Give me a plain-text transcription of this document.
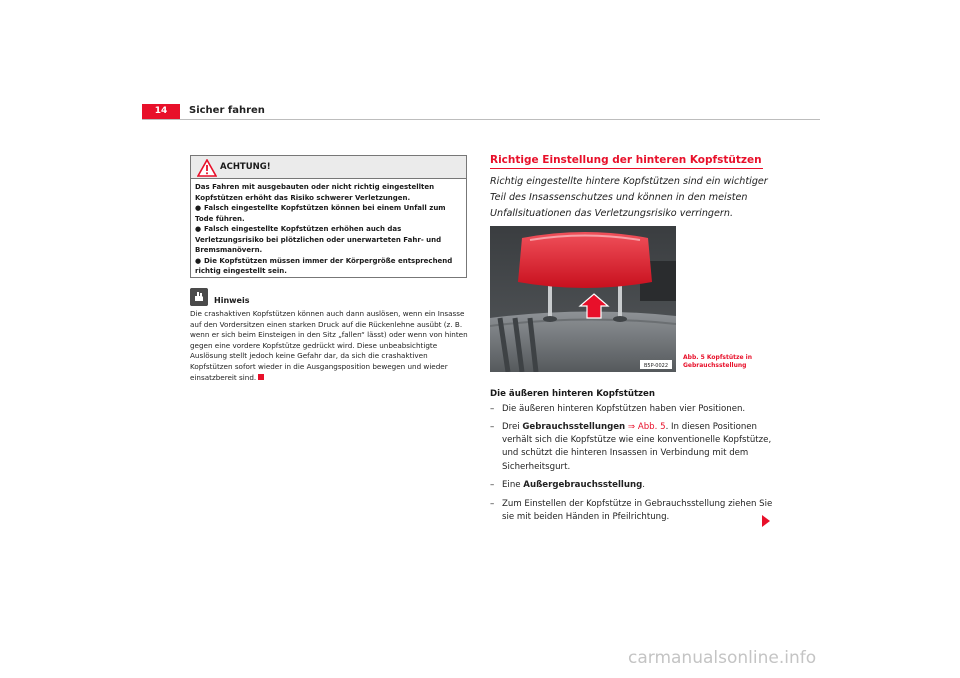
14	Sicher fahren
ACHTUNG!

Das Fahren mit ausgebauten oder nicht richtig eingestellten Kopfstützen erhöht das Risiko schwerer Verletzungen.

● Falsch eingestellte Kopfstützen können bei einem Unfall zum Tode führen.

● Falsch eingestellte Kopfstützen erhöhen auch das Verletzungsrisiko bei plötzlichen oder unerwarteten Fahr- und Bremsmanövern.

● Die Kopfstützen müssen immer der Körpergröße entsprechend richtig eingestellt sein.

Hinweis
Die crashaktiven Kopfstützen können auch dann auslösen, wenn ein Insasse auf den Vordersitzen einen starken Druck auf die Rückenlehne ausübt (z. B. wenn er sich beim Einsteigen in den Sitz „fallen“ lässt) oder wenn von hinten gegen eine vordere Kopfstütze gedrückt wird. Diese unbeabsichtigte Auslösung stellt jedoch keine Gefahr dar, da sich die crashaktiven Kopfstützen sofort wieder in die Ausgangsposition bewegen und wieder einsatzbereit sind.
Richtige Einstellung der hinteren Kopfstützen
Richtig eingestellte hintere Kopfstützen sind ein wichtiger Teil des Insassenschutzes und können in den meisten Unfallsituationen das Verletzungsrisiko verringern.
B5P-0022
Abb. 5 Kopfstütze in
Gebrauchsstellung
Die äußeren hinteren Kopfstützen
– Die äußeren hinteren Kopfstützen haben vier Positionen.
– Drei Gebrauchsstellungen ⇒ Abb. 5. In diesen Positionen verhält sich die Kopfstütze wie eine konventionelle Kopfstütze, und schützt die hinteren Insassen in Verbindung mit dem Sicherheitsgurt.
– Eine Außergebrauchsstellung.
– Zum Einstellen der Kopfstütze in Gebrauchsstellung ziehen Sie sie mit beiden Händen in Pfeilrichtung.
carmanualsonline.info
